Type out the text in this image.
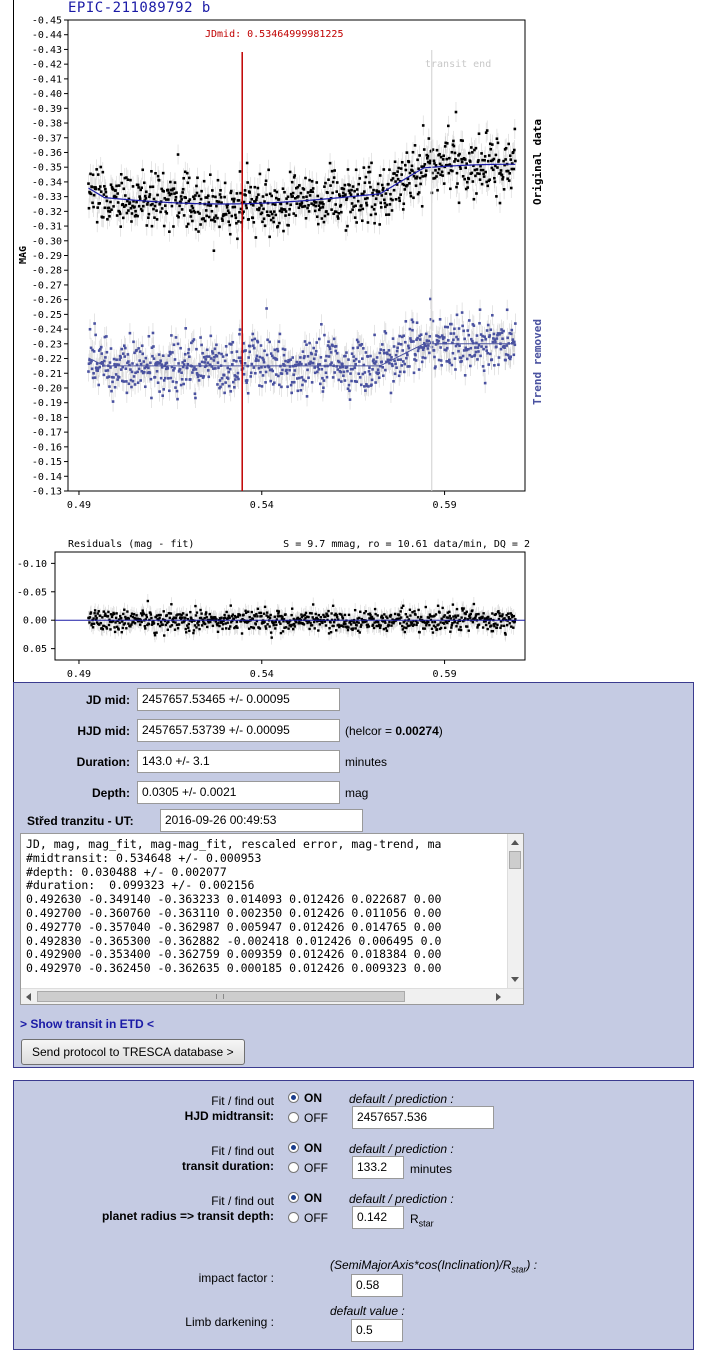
EPIC-211089792 b
-0.45
-0.44
-0.43
-0.42
-0.41
-0.40
-0.39
-0.38
-0.37
-0.36
-0.35
-0.34
-0.33
-0.32
-0.31
-0.30
-0.29
-0.28
-0.27
-0.26
-0.25
-0.24
-0.23
-0.22
-0.21
-0.20
-0.19
-0.18
-0.17
-0.16
-0.15
-0.14
-0.13
0.49	0.54	0.59
JDmid: 0.53464999981225
transit end
MAG
Original data
Trend removed
Residuals (mag - fit)	S = 9.7 mmag, ro = 10.61 data/min, DQ = 2
-0.10
-0.05
0.00
0.05
0.49	0.54	0.59
JD mid:	2457657.53465 +/- 0.00095
HJD mid:	2457657.53739 +/- 0.00095	(helcor = 0.00274)
Duration:	143.0 +/- 3.1	minutes
Depth:	0.0305 +/- 0.0021	mag
Střed tranzitu - UT:	2016-09-26 00:49:53
JD, mag, mag_fit, mag-mag_fit, rescaled error, mag-trend, ma
#midtransit: 0.534648 +/- 0.000953
#depth: 0.030488 +/- 0.002077
#duration:  0.099323 +/- 0.002156
0.492630 -0.349140 -0.363233 0.014093 0.012426 0.022687 0.00
0.492700 -0.360760 -0.363110 0.002350 0.012426 0.011056 0.00
0.492770 -0.357040 -0.362987 0.005947 0.012426 0.014765 0.00
0.492830 -0.365300 -0.362882 -0.002418 0.012426 0.006495 0.0
0.492900 -0.353400 -0.362759 0.009359 0.012426 0.018384 0.00
0.492970 -0.362450 -0.362635 0.000185 0.012426 0.009323 0.00
> Show transit in ETD <
Send protocol to TRESCA database >
Fit / find out
HJD midtransit:
ON
OFF
default / prediction :
2457657.536
Fit / find out
transit duration:
ON
OFF
default / prediction :
133.2	minutes
Fit / find out
planet radius => transit depth:
ON
OFF
default / prediction :
0.142	$R_{star}$
impact factor :
$(SemiMajorAxis*\cos(Inclination)/R_{star})$ :
0.58
Limb darkening :
default value :
0.5
